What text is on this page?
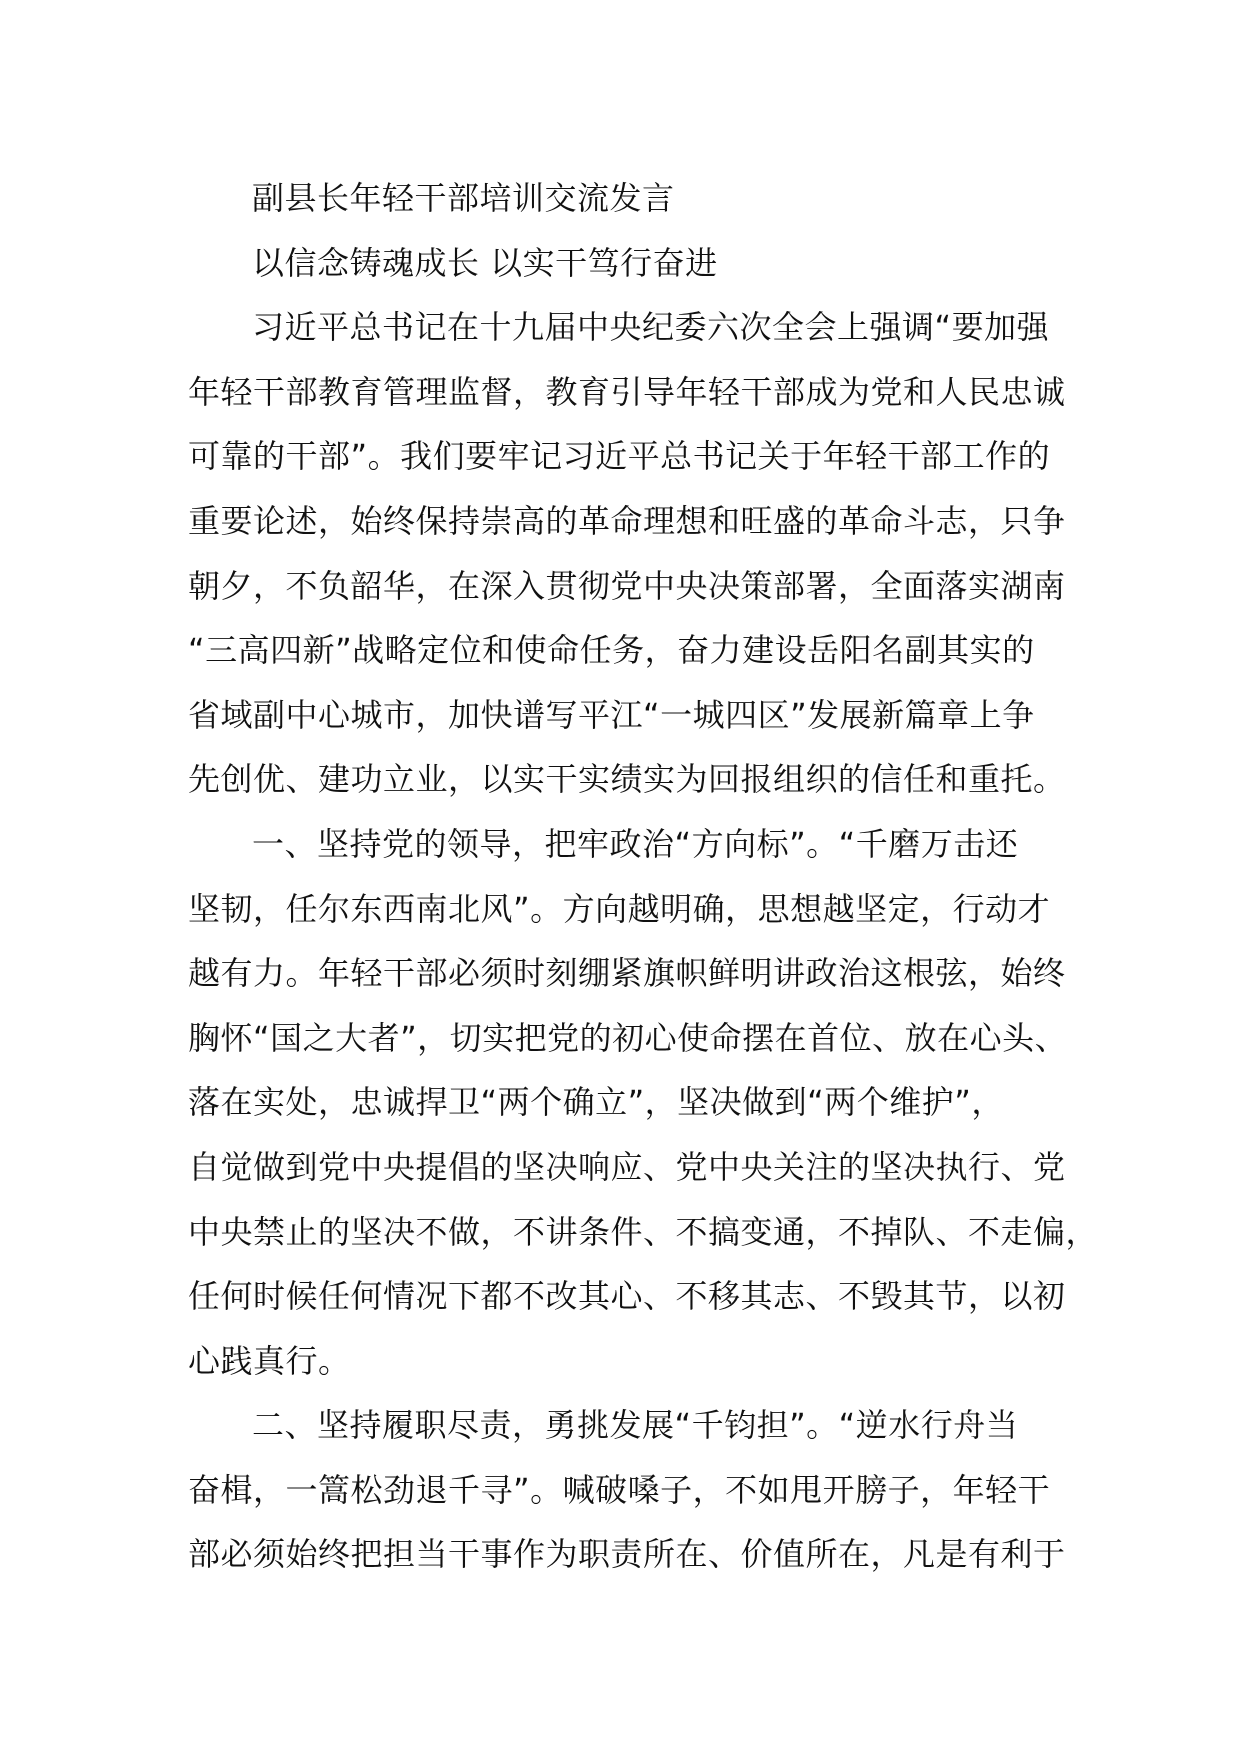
副县长年轻干部培训交流发言
以信念铸魂成长 以实干笃行奋进
习近平总书记在十九届中央纪委六次全会上强调“要加强
年轻干部教育管理监督，教育引导年轻干部成为党和人民忠诚
可靠的干部”。我们要牢记习近平总书记关于年轻干部工作的
重要论述，始终保持崇高的革命理想和旺盛的革命斗志，只争
朝夕，不负韶华，在深入贯彻党中央决策部署，全面落实湖南
“三高四新”战略定位和使命任务，奋力建设岳阳名副其实的
省域副中心城市，加快谱写平江“一城四区”发展新篇章上争
先创优、建功立业，以实干实绩实为回报组织的信任和重托。
一、坚持党的领导，把牢政治“方向标”。“千磨万击还
坚韧，任尔东西南北风”。方向越明确，思想越坚定，行动才
越有力。年轻干部必须时刻绷紧旗帜鲜明讲政治这根弦，始终
胸怀“国之大者”，切实把党的初心使命摆在首位、放在心头、
落在实处，忠诚捍卫“两个确立”，坚决做到“两个维护”，
自觉做到党中央提倡的坚决响应、党中央关注的坚决执行、党
中央禁止的坚决不做，不讲条件、不搞变通，不掉队、不走偏，
任何时候任何情况下都不改其心、不移其志、不毁其节，以初
心践真行。
二、坚持履职尽责，勇挑发展“千钧担”。“逆水行舟当
奋楫，一篙松劲退千寻”。喊破嗓子，不如甩开膀子，年轻干
部必须始终把担当干事作为职责所在、价值所在，凡是有利于
